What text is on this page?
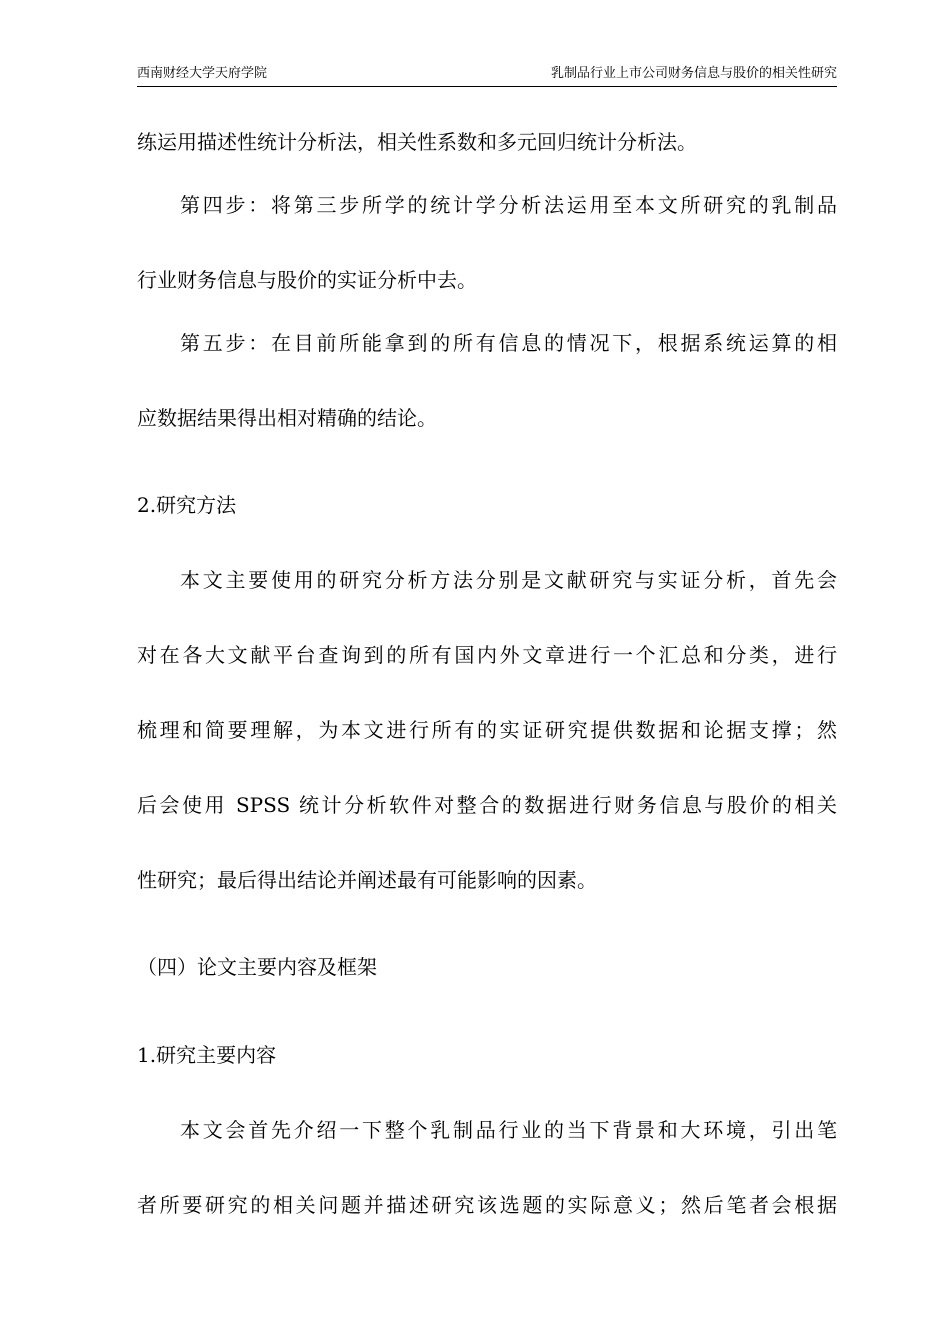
西南财经大学天府学院	乳制品行业上市公司财务信息与股价的相关性研究
练运用描述性统计分析法，相关性系数和多元回归统计分析法。
第四步：将第三步所学的统计学分析法运用至本文所研究的乳制品
行业财务信息与股价的实证分析中去。
第五步：在目前所能拿到的所有信息的情况下，根据系统运算的相
应数据结果得出相对精确的结论。
2.研究方法
本文主要使用的研究分析方法分别是文献研究与实证分析，首先会
对在各大文献平台查询到的所有国内外文章进行一个汇总和分类，进行
梳理和简要理解，为本文进行所有的实证研究提供数据和论据支撑；然
后会使用 SPSS 统计分析软件对整合的数据进行财务信息与股价的相关
性研究；最后得出结论并阐述最有可能影响的因素。
（四）论文主要内容及框架
1.研究主要内容
本文会首先介绍一下整个乳制品行业的当下背景和大环境，引出笔
者所要研究的相关问题并描述研究该选题的实际意义；然后笔者会根据
